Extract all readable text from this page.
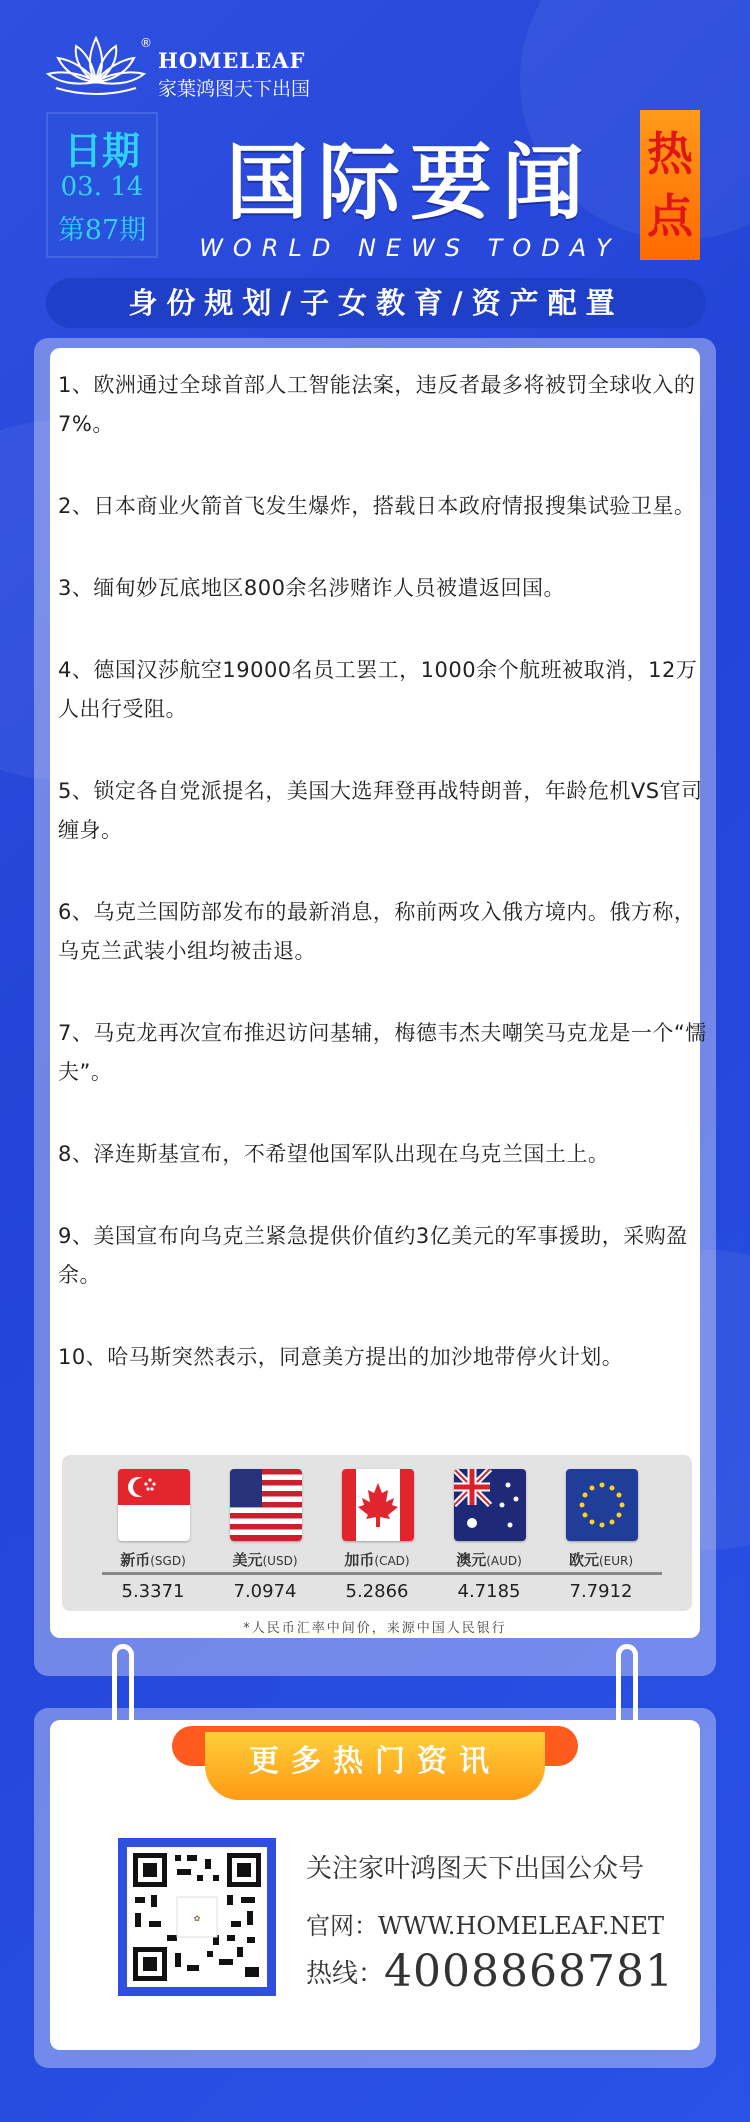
®
HOMELEAF
家葉鸿图天下出国
日期
03. 14
第87期 国际要闻
WORLD NEWS TODAY
热
点
身份规划/子女教育/资产配置
1、欧洲通过全球首部人工智能法案，违反者最多将被罚全球收入的7%。
2、日本商业火箭首飞发生爆炸，搭载日本政府情报搜集试验卫星。
3、缅甸妙瓦底地区800余名涉赌诈人员被遣返回国。
4、德国汉莎航空19000名员工罢工，1000余个航班被取消，12万人出行受阻。
5、锁定各自党派提名，美国大选拜登再战特朗普，年龄危机VS官司缠身。
6、乌克兰国防部发布的最新消息，称前两攻入俄方境内。俄方称，乌克兰武装小组均被击退。
7、马克龙再次宣布推迟访问基辅，梅德韦杰夫嘲笑马克龙是一个“懦夫”。
8、泽连斯基宣布，不希望他国军队出现在乌克兰国土上。
9、美国宣布向乌克兰紧急提供价值约3亿美元的军事援助，采购盈余。
10、哈马斯突然表示，同意美方提出的加沙地带停火计划。
新币(SGD)
5.3371
美元(USD)
7.0974
加币(CAD)
5.2866
澳元(AUD)
4.7185
欧元(EUR)
7.7912
*人民币汇率中间价，来源中国人民银行
更多热门资讯
✿
关注家叶鸿图天下出国公众号
官网：WWW.HOMELEAF.NET
热线：4008868781
